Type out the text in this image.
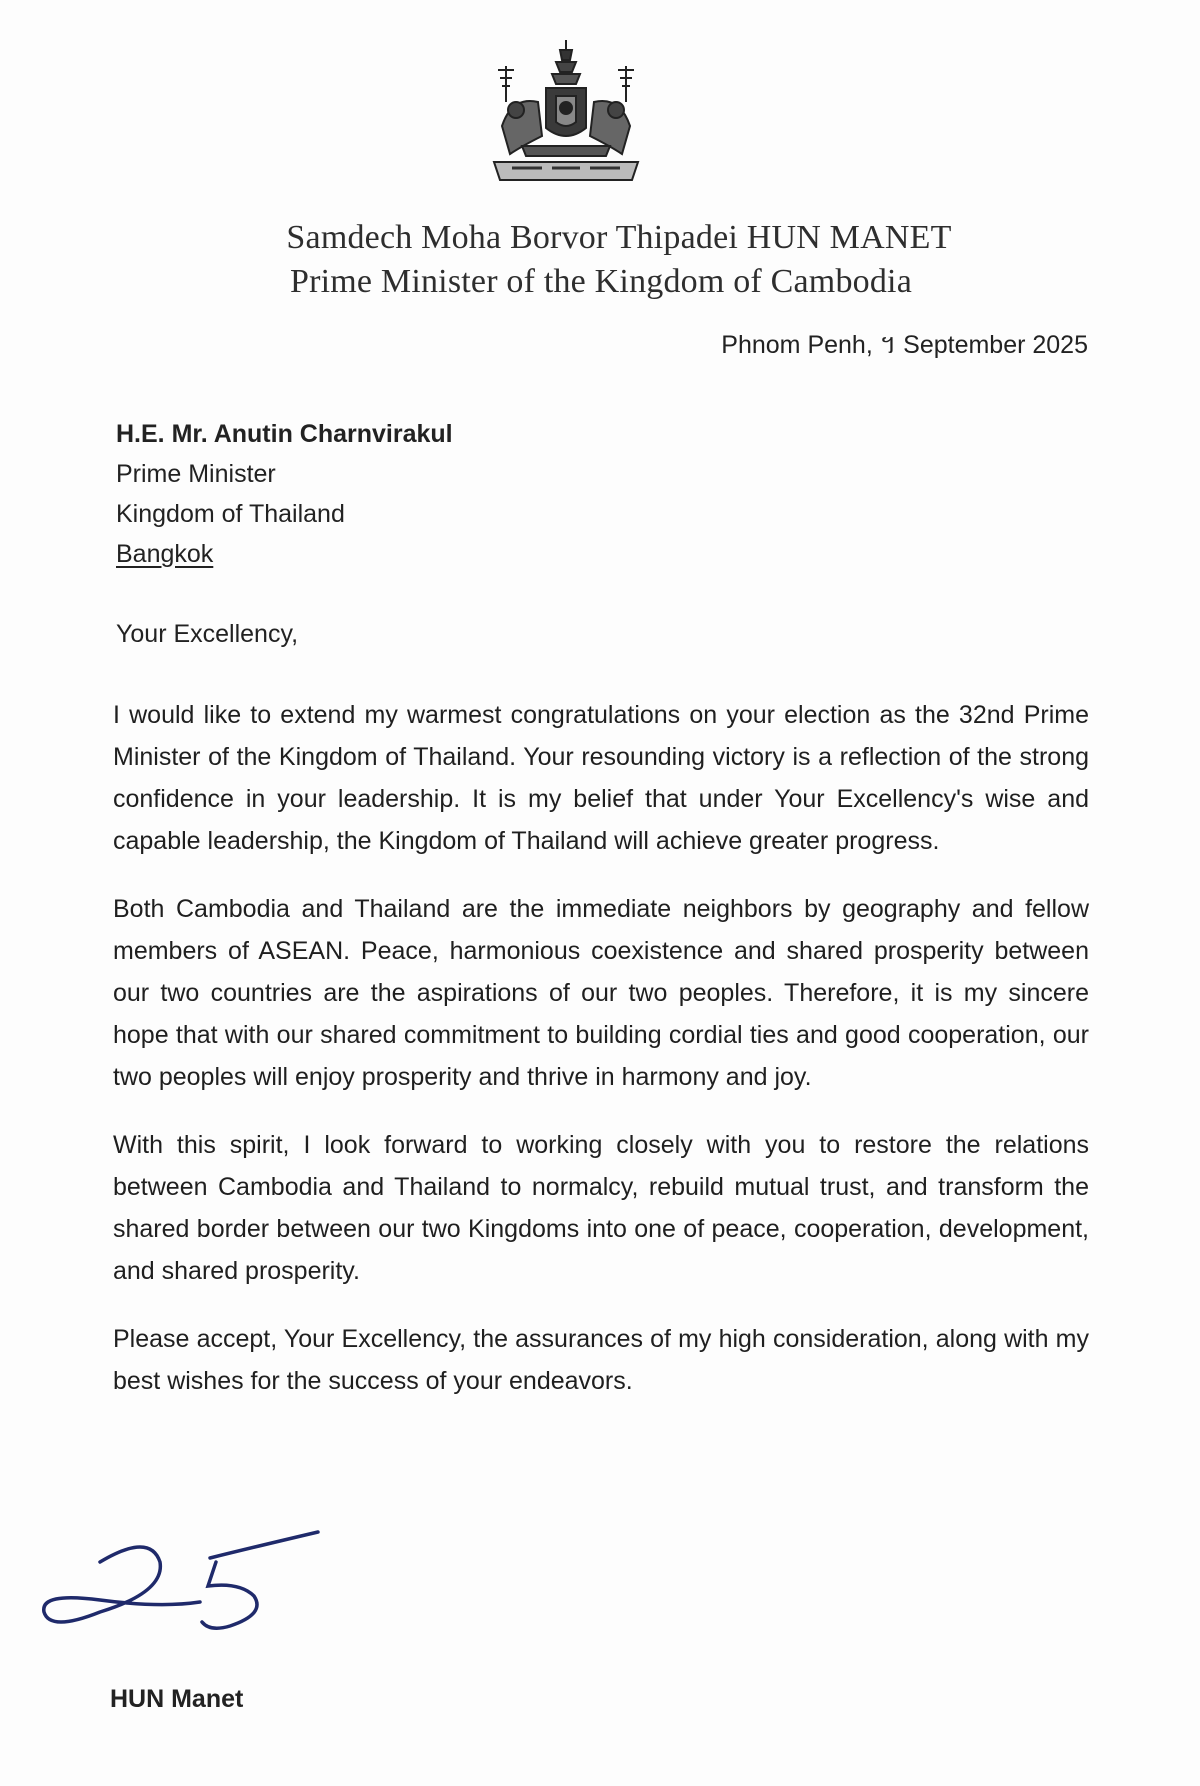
Samdech Moha Borvor Thipadei HUN MANET
Prime Minister of the Kingdom of Cambodia
Phnom Penh, ។ September 2025
H.E. Mr. Anutin Charnvirakul
Prime Minister
Kingdom of Thailand
Bangkok
Your Excellency,

I would like to extend my warmest congratulations on your election as the 32nd Prime Minister of the Kingdom of Thailand. Your resounding victory is a reflection of the strong confidence in your leadership. It is my belief that under Your Excellency's wise and capable leadership, the Kingdom of Thailand will achieve greater progress.

Both Cambodia and Thailand are the immediate neighbors by geography and fellow members of ASEAN. Peace, harmonious coexistence and shared prosperity between our two countries are the aspirations of our two peoples. Therefore, it is my sincere hope that with our shared commitment to building cordial ties and good cooperation, our two peoples will enjoy prosperity and thrive in harmony and joy.

With this spirit, I look forward to working closely with you to restore the relations between Cambodia and Thailand to normalcy, rebuild mutual trust, and transform the shared border between our two Kingdoms into one of peace, cooperation, development, and shared prosperity.

Please accept, Your Excellency, the assurances of my high consideration, along with my best wishes for the success of your endeavors.

HUN Manet
